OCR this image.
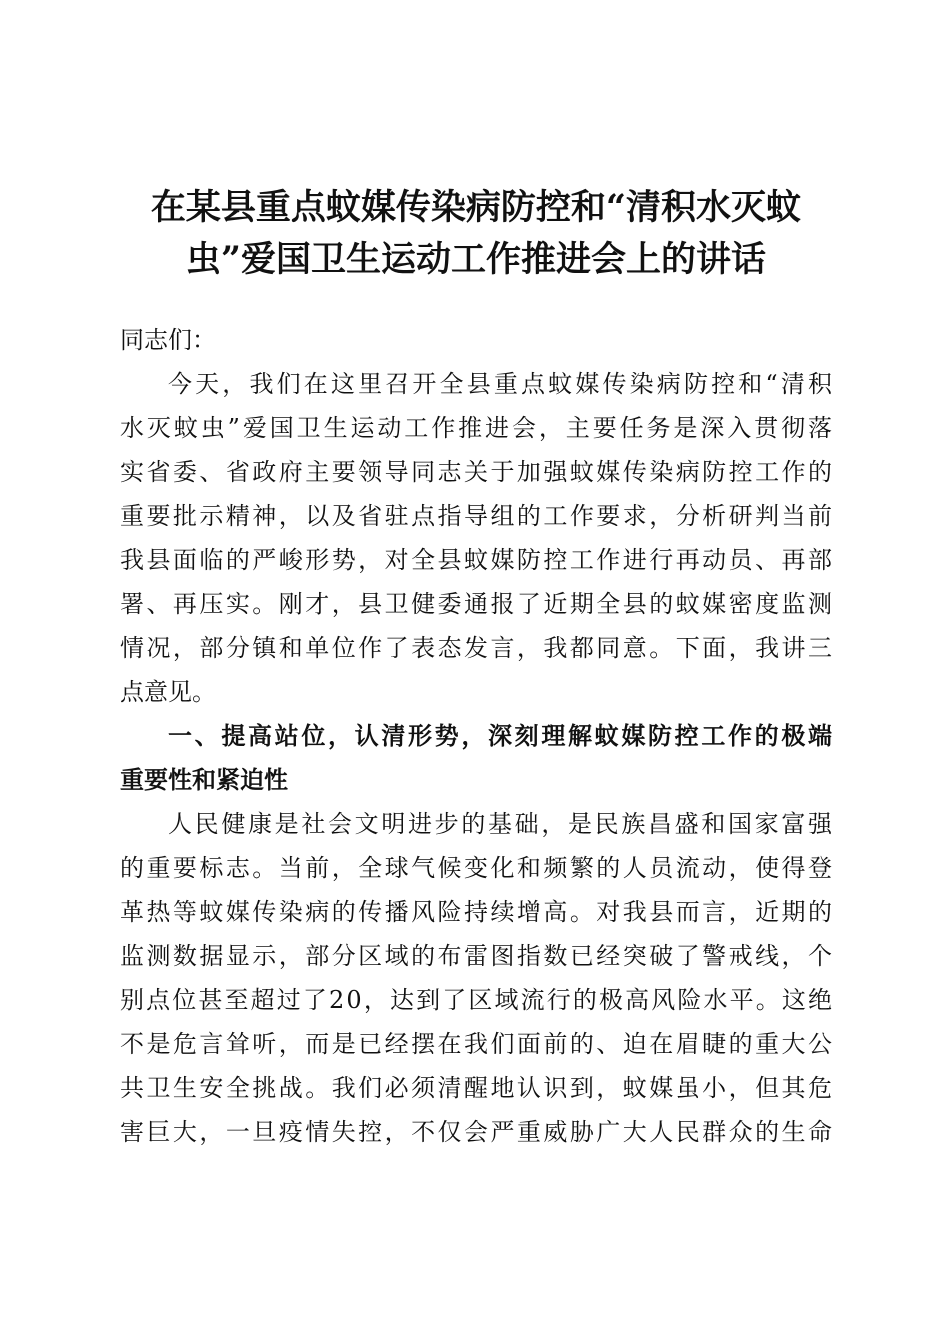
在某县重点蚊媒传染病防控和“清积水灭蚊
虫”爱国卫生运动工作推进会上的讲话
同志们：
今天，我们在这里召开全县重点蚊媒传染病防控和“清积
水灭蚊虫”爱国卫生运动工作推进会，主要任务是深入贯彻落
实省委、省政府主要领导同志关于加强蚊媒传染病防控工作的
重要批示精神，以及省驻点指导组的工作要求，分析研判当前
我县面临的严峻形势，对全县蚊媒防控工作进行再动员、再部
署、再压实。刚才，县卫健委通报了近期全县的蚊媒密度监测
情况，部分镇和单位作了表态发言，我都同意。下面，我讲三
点意见。
一、提高站位，认清形势，深刻理解蚊媒防控工作的极端
重要性和紧迫性
人民健康是社会文明进步的基础，是民族昌盛和国家富强
的重要标志。当前，全球气候变化和频繁的人员流动，使得登
革热等蚊媒传染病的传播风险持续增高。对我县而言，近期的
监测数据显示，部分区域的布雷图指数已经突破了警戒线，个
别点位甚至超过了20，达到了区域流行的极高风险水平。这绝
不是危言耸听，而是已经摆在我们面前的、迫在眉睫的重大公
共卫生安全挑战。我们必须清醒地认识到，蚊媒虽小，但其危
害巨大，一旦疫情失控，不仅会严重威胁广大人民群众的生命
